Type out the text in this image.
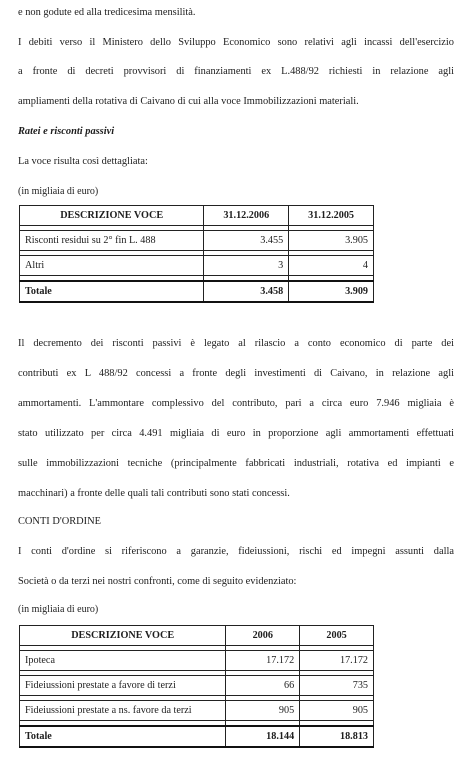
e non godute ed alla tredicesima mensilità.
I debiti verso il Ministero dello Sviluppo Economico sono relativi agli incassi dell'esercizio
a fronte di decreti provvisori di finanziamenti ex L.488/92 richiesti in relazione agli
ampliamenti della rotativa di Caivano di cui alla voce Immobilizzazioni materiali.
Ratei e risconti passivi
La voce risulta così dettagliata:
(in migliaia di euro)
DESCRIZIONE VOCE	31.12.2006	31.12.2005

Risconti residui su 2° fin L. 488	3.455	3.905

Altri	3	4

Totale	3.458	3.909
Il decremento dei risconti passivi è legato al rilascio a conto economico di parte dei
contributi ex L 488/92 concessi a fronte degli investimenti di Caivano, in relazione agli
ammortamenti. L'ammontare complessivo del contributo, pari a circa euro 7.946 migliaia è
stato utilizzato per circa 4.491 migliaia di euro in proporzione agli ammortamenti effettuati
sulle immobilizzazioni tecniche (principalmente fabbricati industriali, rotativa ed impianti e
macchinari) a fronte delle quali tali contributi sono stati concessi.
CONTI D'ORDINE
I conti d'ordine si riferiscono a garanzie, fideiussioni, rischi ed impegni assunti dalla
Società o da terzi nei nostri confronti, come di seguito evidenziato:
(in migliaia di euro)
DESCRIZIONE VOCE	2006	2005

Ipoteca	17.172	17.172

Fideiussioni prestate a favore di terzi	66	735

Fideiussioni prestate a ns. favore da terzi	905	905

Totale	18.144	18.813
